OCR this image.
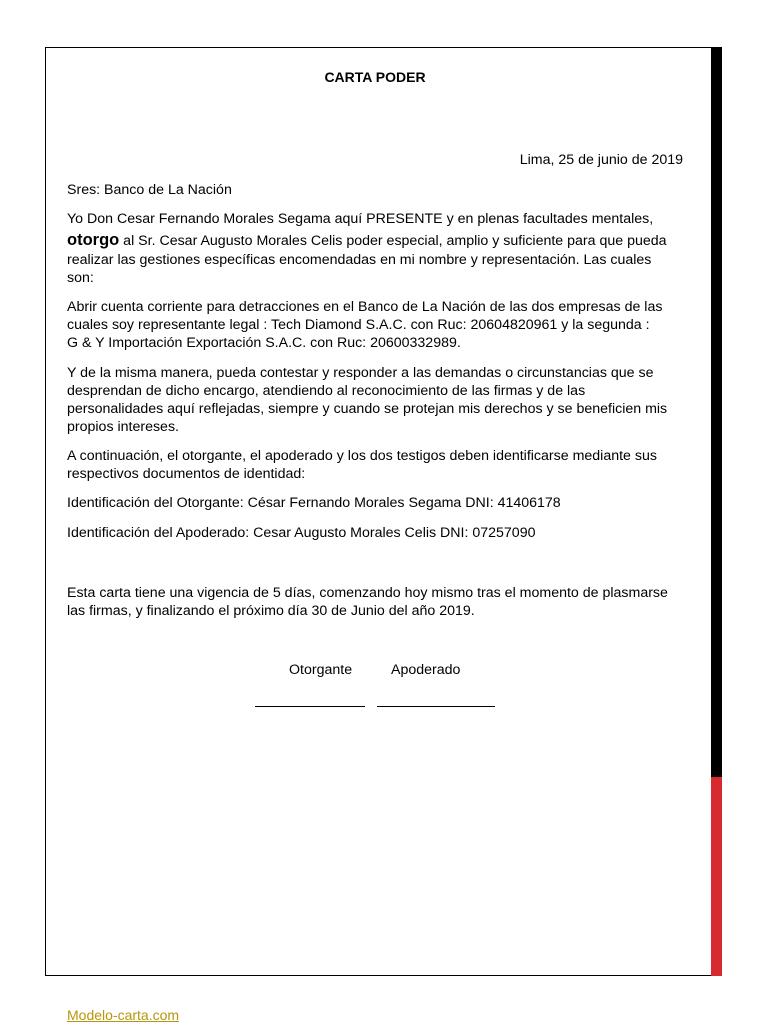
CARTA PODER
Lima, 25 de junio de 2019
Sres: Banco de La Nación
Yo Don Cesar Fernando Morales Segama aquí PRESENTE y en plenas facultades mentales,
otorgo al Sr. Cesar Augusto Morales Celis poder especial, amplio y suficiente para que pueda
realizar las gestiones específicas encomendadas en mi nombre y representación. Las cuales
son:
Abrir cuenta corriente para detracciones en el Banco de La Nación de las dos empresas de las
cuales soy representante legal : Tech Diamond S.A.C. con Ruc: 20604820961 y la segunda :
G & Y Importación Exportación S.A.C. con Ruc: 20600332989.
Y de la misma manera, pueda contestar y responder a las demandas o circunstancias que se
desprendan de dicho encargo, atendiendo al reconocimiento de las firmas y de las
personalidades aquí reflejadas, siempre y cuando se protejan mis derechos y se beneficien mis
propios intereses.
A continuación, el otorgante, el apoderado y los dos testigos deben identificarse mediante sus
respectivos documentos de identidad:
Identificación del Otorgante: César Fernando Morales Segama DNI: 41406178
Identificación del Apoderado: Cesar Augusto Morales Celis DNI: 07257090
Esta carta tiene una vigencia de 5 días, comenzando hoy mismo tras el momento de plasmarse
las firmas, y finalizando el próximo día 30 de Junio del año 2019.
Otorgante	Apoderado
Modelo-carta.com
